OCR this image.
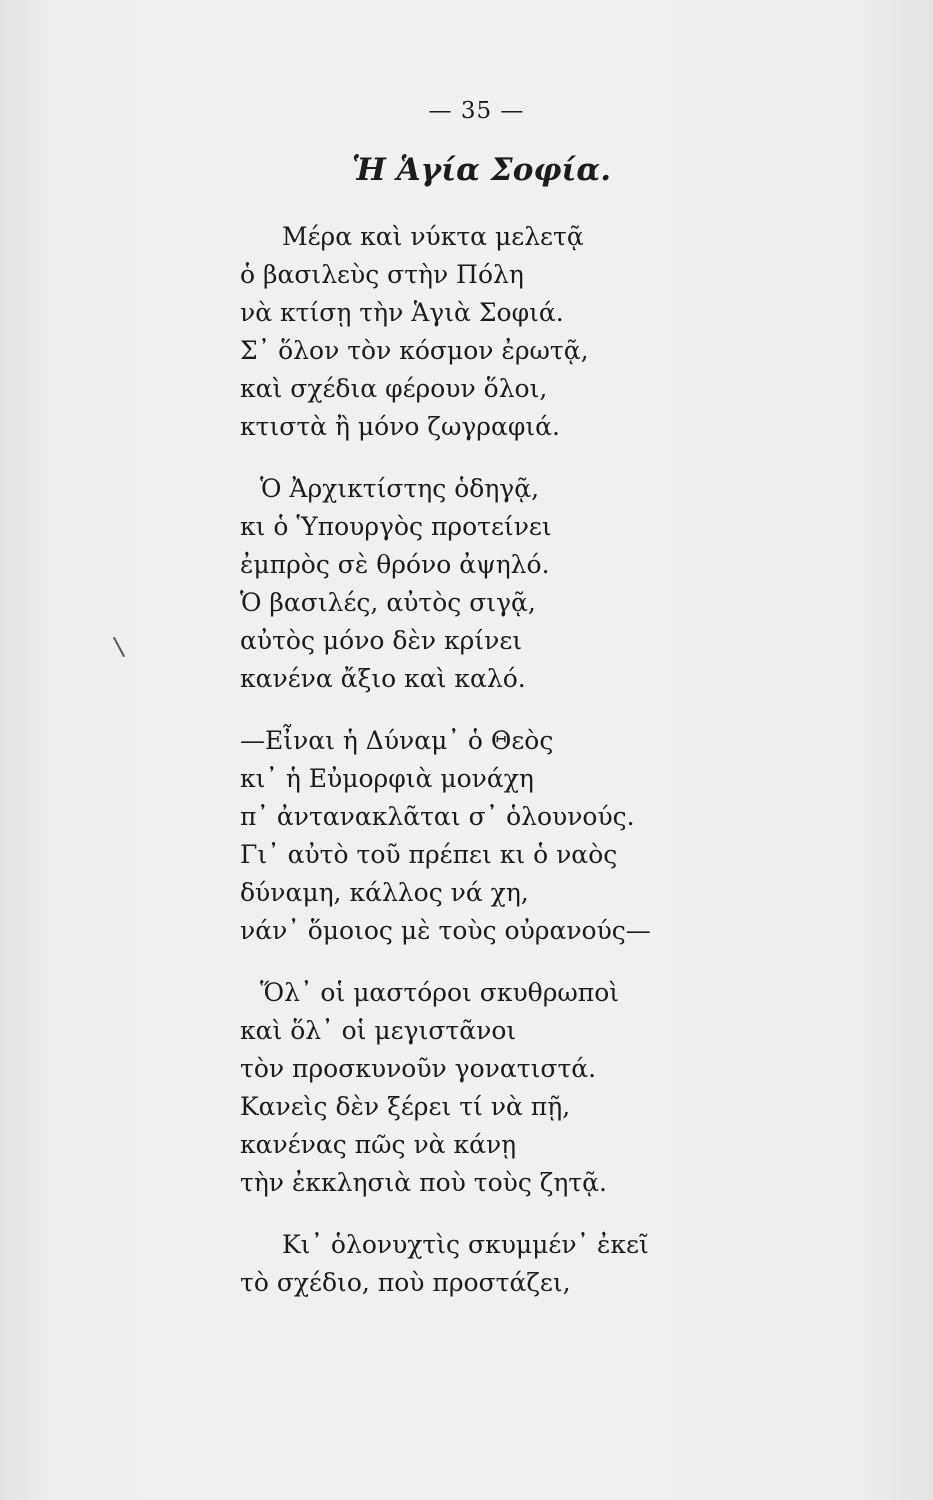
— 35 —
Ἡ Ἁγία Σοφία.
Μέρα καὶ νύκτα μελετᾷ
ὁ βασιλεὺς στὴν Πόλη
νὰ κτίσῃ τὴν Ἁγιὰ Σοφιά.
Σ᾽ ὅλον τὸν κόσμον ἐρωτᾷ,
καὶ σχέδια φέρουν ὅλοι,
κτιστὰ ἢ μόνο ζωγραφιά.
Ὁ Ἀρχικτίστης ὁδηγᾷ,
κι ὁ Ὑπουργὸς προτείνει
ἐμπρὸς σὲ θρόνο ἀψηλό.
Ὁ βασιλές, αὐτὸς σιγᾷ,
αὐτὸς μόνο δὲν κρίνει
κανένα ἄξιο καὶ καλό.
—Εἶναι ἡ Δύναμ᾽ ὁ Θεὸς
κι᾽ ἡ Εὐμορφιὰ μονάχη
π᾽ ἀντανακλᾶται σ᾽ ὁλουνούς.
Γι᾽ αὐτὸ τοῦ πρέπει κι ὁ ναὸς
δύναμη, κάλλος νά χη,
νάν᾽ ὅμοιος μὲ τοὺς οὐρανούς—
Ὅλ᾽ οἱ μαστόροι σκυθρωποὶ
καὶ ὅλ᾽ οἱ μεγιστᾶνοι
τὸν προσκυνοῦν γονατιστά.
Κανεὶς δὲν ξέρει τί νὰ πῇ,
κανένας πῶς νὰ κάνῃ
τὴν ἐκκλησιὰ ποὺ τοὺς ζητᾷ.
Κι᾽ ὁλονυχτὶς σκυμμέν᾽ ἐκεῖ
τὸ σχέδιο, ποὺ προστάζει,
